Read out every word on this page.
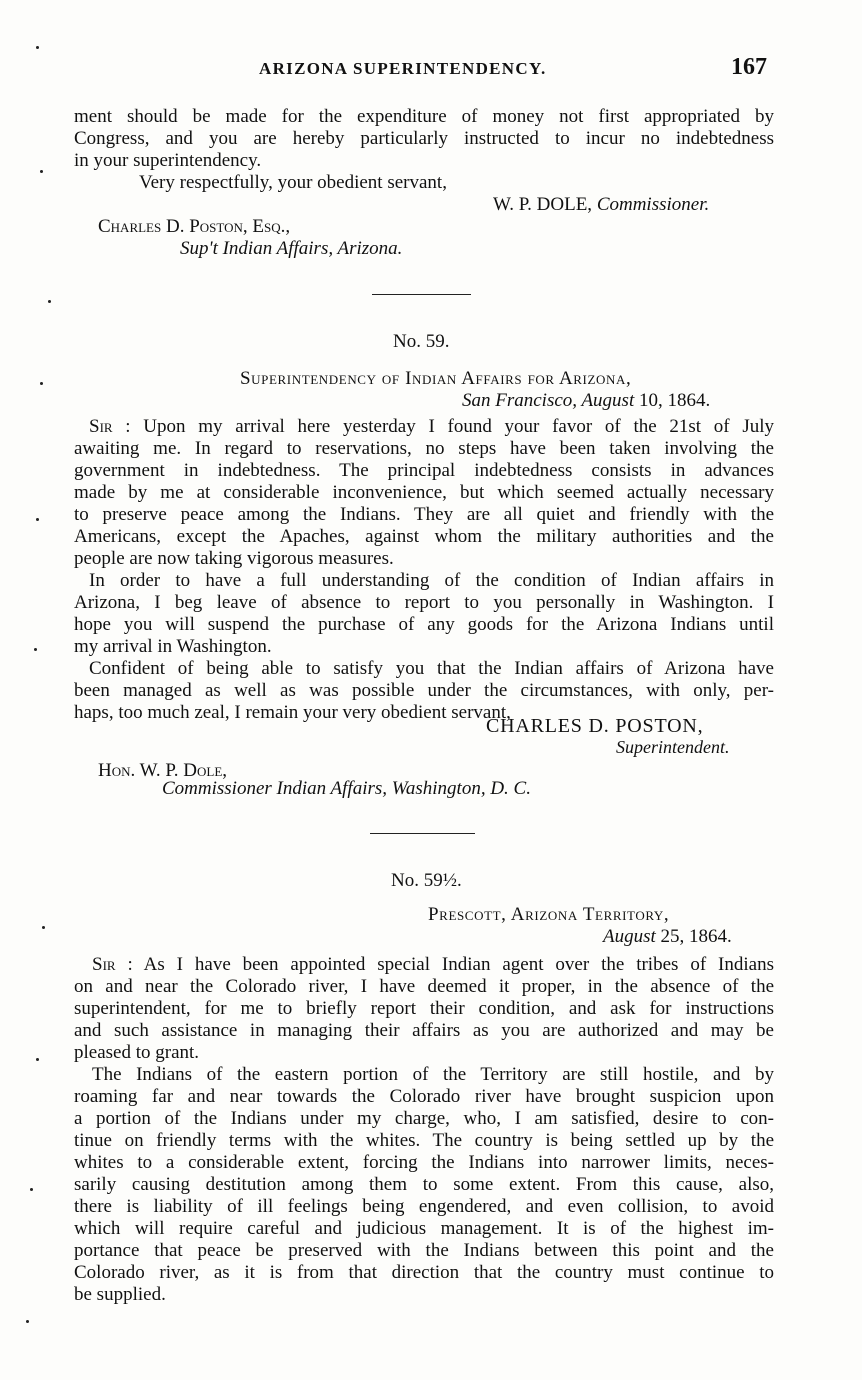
ARIZONA SUPERINTENDENCY.	167
ment should be made for the expenditure of money not first appropriated by
Congress, and you are hereby particularly instructed to incur no indebtedness
in your superintendency.
Very respectfully, your obedient servant,
W. P. DOLE, Commissioner.
Charles D. Poston, Esq.,
Sup't Indian Affairs, Arizona.
No. 59.
Superintendency of Indian Affairs for Arizona,
San Francisco, August 10, 1864.
Sir : Upon my arrival here yesterday I found your favor of the 21st of July
awaiting me. In regard to reservations, no steps have been taken involving the
government in indebtedness. The principal indebtedness consists in advances
made by me at considerable inconvenience, but which seemed actually necessary
to preserve peace among the Indians. They are all quiet and friendly with the
Americans, except the Apaches, against whom the military authorities and the
people are now taking vigorous measures.
In order to have a full understanding of the condition of Indian affairs in
Arizona, I beg leave of absence to report to you personally in Washington. I
hope you will suspend the purchase of any goods for the Arizona Indians until
my arrival in Washington.
Confident of being able to satisfy you that the Indian affairs of Arizona have
been managed as well as was possible under the circumstances, with only, per-
haps, too much zeal, I remain your very obedient servant,
CHARLES D. POSTON,
Superintendent.
Hon. W. P. Dole,
Commissioner Indian Affairs, Washington, D. C.
No. 59½.
Prescott, Arizona Territory,
August 25, 1864.
Sir : As I have been appointed special Indian agent over the tribes of Indians
on and near the Colorado river, I have deemed it proper, in the absence of the
superintendent, for me to briefly report their condition, and ask for instructions
and such assistance in managing their affairs as you are authorized and may be
pleased to grant.
The Indians of the eastern portion of the Territory are still hostile, and by
roaming far and near towards the Colorado river have brought suspicion upon
a portion of the Indians under my charge, who, I am satisfied, desire to con-
tinue on friendly terms with the whites. The country is being settled up by the
whites to a considerable extent, forcing the Indians into narrower limits, neces-
sarily causing destitution among them to some extent. From this cause, also,
there is liability of ill feelings being engendered, and even collision, to avoid
which will require careful and judicious management. It is of the highest im-
portance that peace be preserved with the Indians between this point and the
Colorado river, as it is from that direction that the country must continue to
be supplied.
